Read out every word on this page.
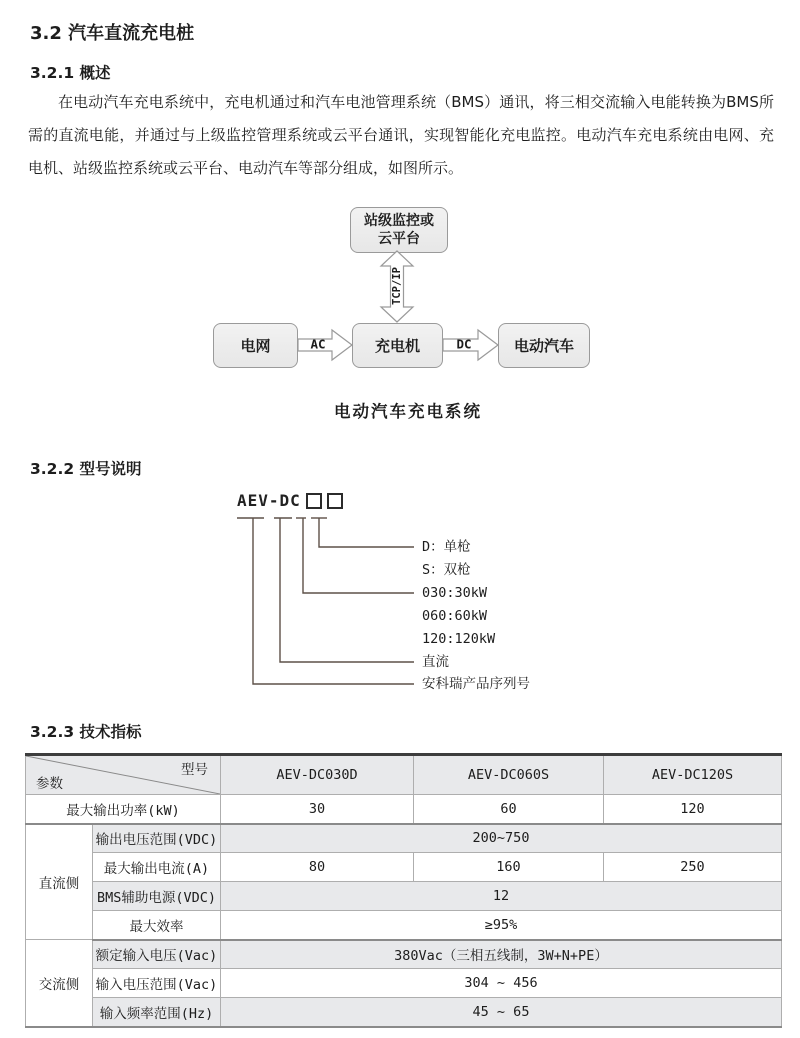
3.2 汽车直流充电桩
3.2.1 概述
在电动汽车充电系统中，充电机通过和汽车电池管理系统（BMS）通讯，将三相交流输入电能转换为BMS所需的直流电能，并通过与上级监控管理系统或云平台通讯，实现智能化充电监控。电动汽车充电系统由电网、充电机、站级监控系统或云平台、电动汽车等部分组成，如图所示。
站级监控或
云平台
电网	充电机	电动汽车
TCP/IP
AC	DC
电动汽车充电系统
3.2.2 型号说明
AEV-DC
D：单枪
S：双枪
030:30kW
060:60kW
120:120kW
直流
安科瑞产品序列号
3.2.3 技术指标
型号
参数		AEV-DC030D	AEV-DC060S	AEV-DC120S
最大输出功率(kW)		30	60	120
直流侧	输出电压范围(VDC)	200~750		
	最大输出电流(A)	80	160	250
	BMS辅助电源(VDC)	12		
	最大效率	≥95%		
交流侧	额定输入电压(Vac)	380Vac（三相五线制，3W+N+PE）		
	输入电压范围(Vac)	304 ~ 456		
	输入频率范围(Hz)	45 ~ 65		
